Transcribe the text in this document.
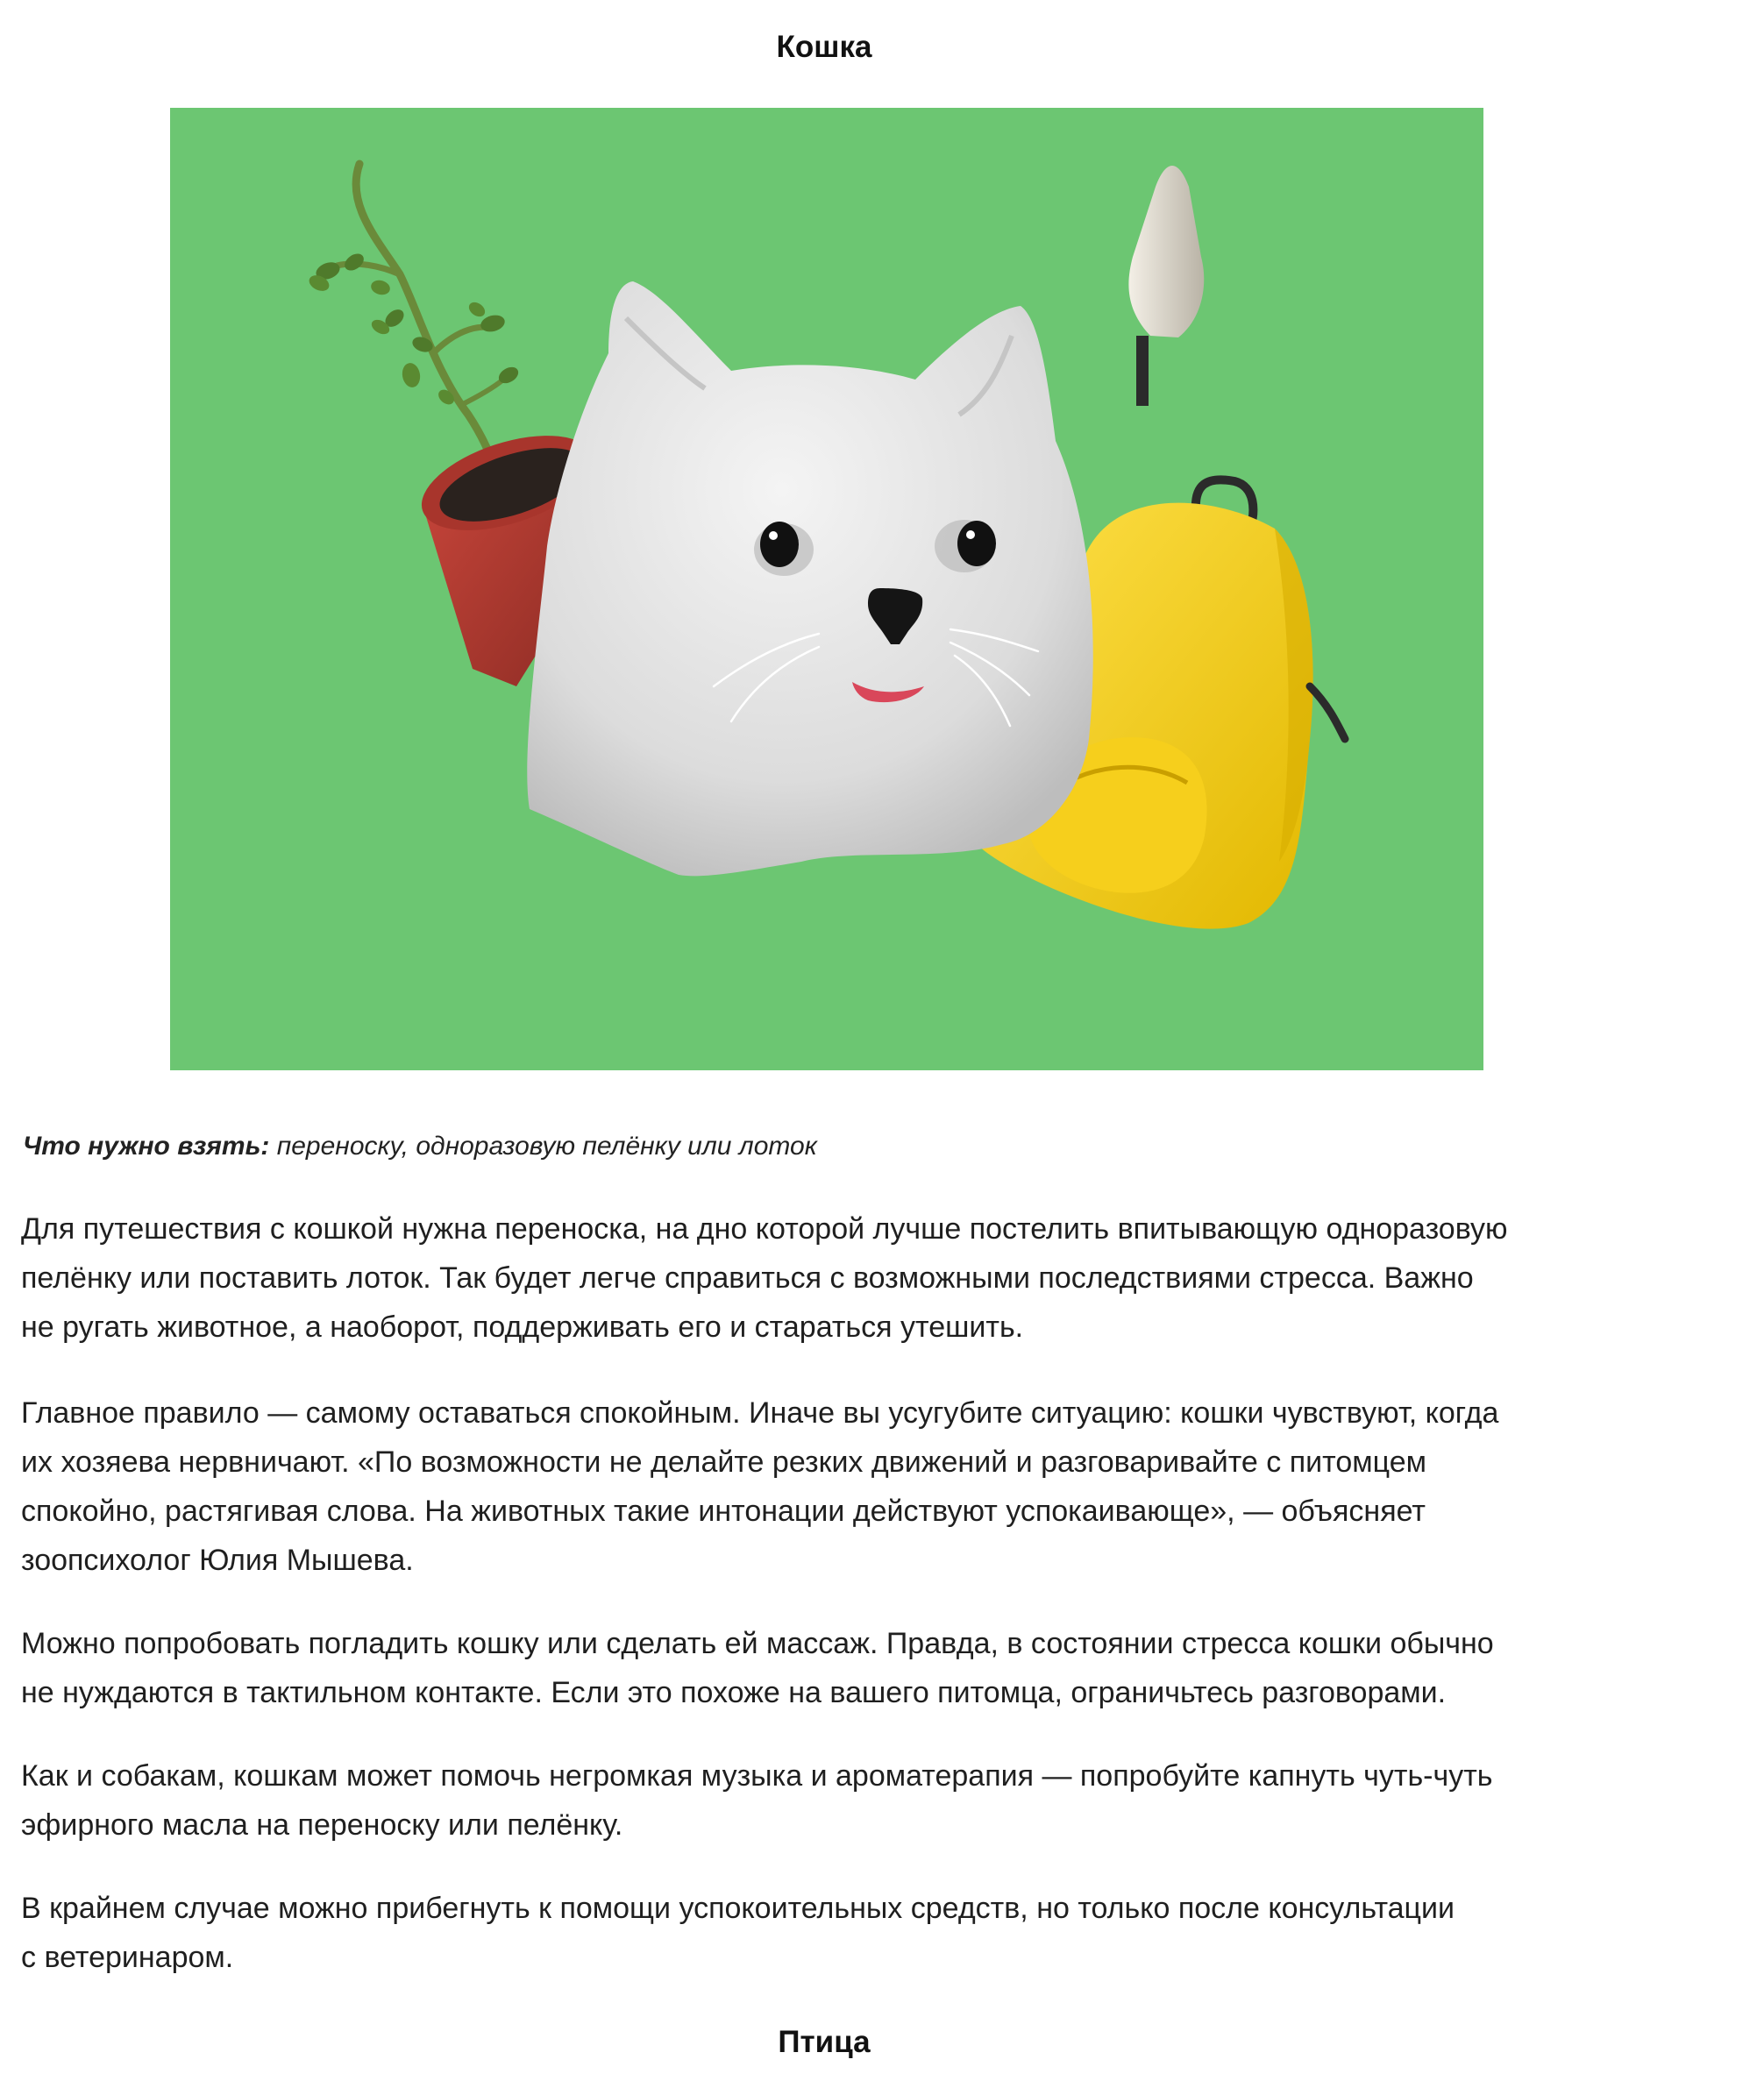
Кошка

Что нужно взять: переноску, одноразовую пелёнку или лоток

Для путешествия с кошкой нужна переноска, на дно которой лучше постелить впитывающую одноразовую
пелёнку или поставить лоток. Так будет легче справиться с возможными последствиями стресса. Важно
не ругать животное, а наоборот, поддерживать его и стараться утешить.

Главное правило — самому оставаться спокойным. Иначе вы усугубите ситуацию: кошки чувствуют, когда
их хозяева нервничают. «По возможности не делайте резких движений и разговаривайте с питомцем
спокойно, растягивая слова. На животных такие интонации действуют успокаивающе», — объясняет
зоопсихолог Юлия Мышева.

Можно попробовать погладить кошку или сделать ей массаж. Правда, в состоянии стресса кошки обычно
не нуждаются в тактильном контакте. Если это похоже на вашего питомца, ограничьтесь разговорами.

Как и собакам, кошкам может помочь негромкая музыка и ароматерапия — попробуйте капнуть чуть-чуть
эфирного масла на переноску или пелёнку.

В крайнем случае можно прибегнуть к помощи успокоительных средств, но только после консультации
с ветеринаром.

Птица
